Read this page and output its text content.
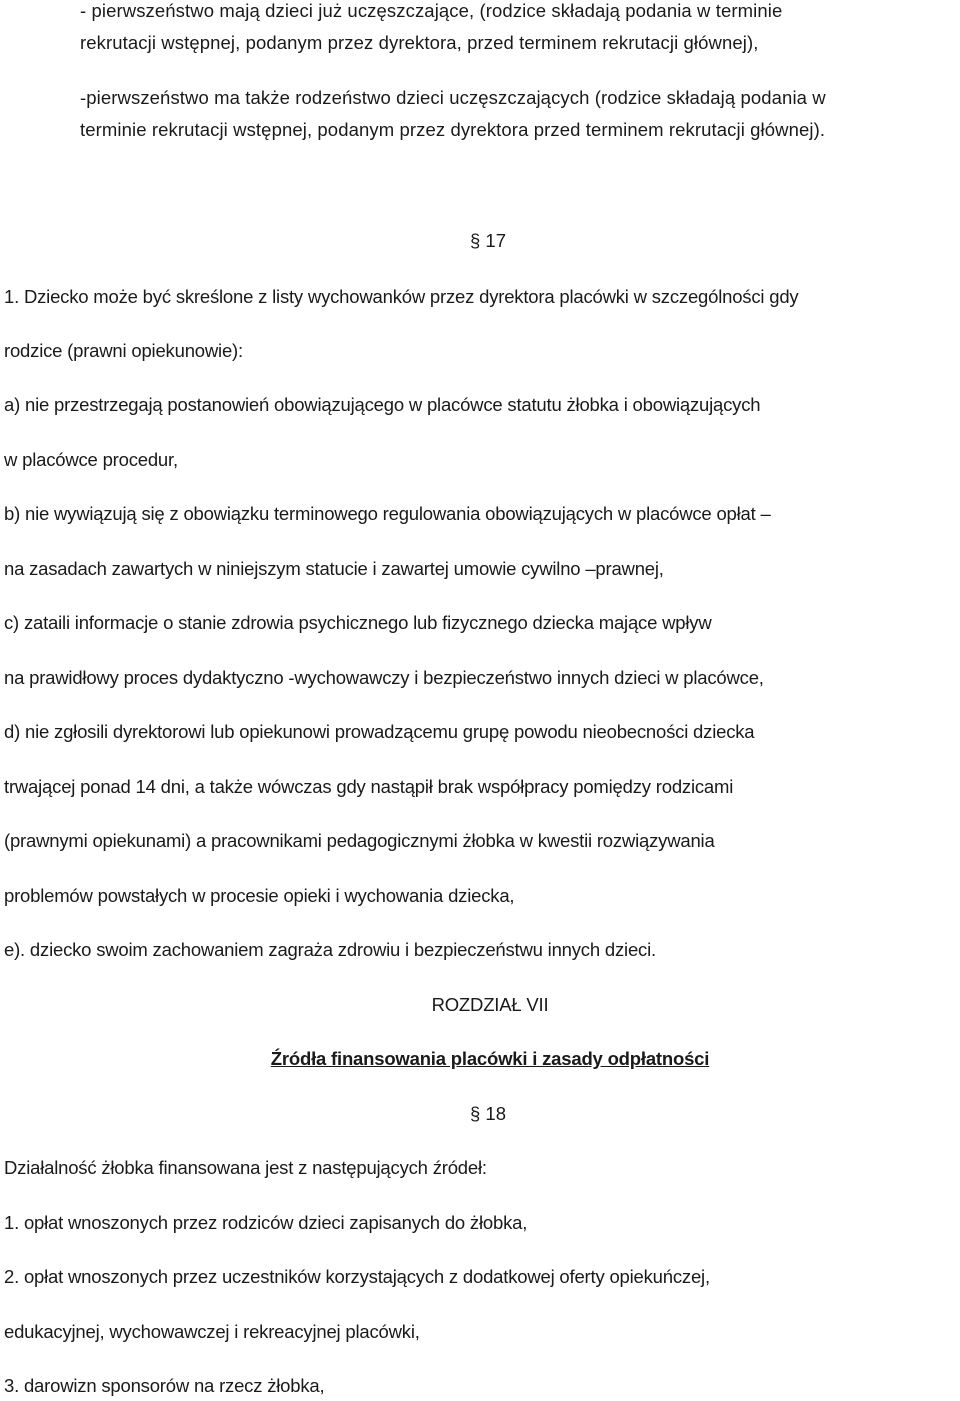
- pierwszeństwo mają dzieci już uczęszczające, (rodzice składają podania w terminie
rekrutacji wstępnej, podanym przez dyrektora, przed terminem rekrutacji głównej),
-pierwszeństwo ma także rodzeństwo dzieci uczęszczających (rodzice składają podania w
terminie rekrutacji wstępnej, podanym przez dyrektora przed terminem rekrutacji głównej).
§ 17
1. Dziecko może być skreślone z listy wychowanków przez dyrektora placówki w szczególności gdy
rodzice (prawni opiekunowie):
a) nie przestrzegają postanowień obowiązującego w placówce statutu żłobka i obowiązujących
w placówce procedur,
b) nie wywiązują się z obowiązku terminowego regulowania obowiązujących w placówce opłat –
na zasadach zawartych w niniejszym statucie i zawartej umowie cywilno –prawnej,
c) zataili informacje o stanie zdrowia psychicznego lub fizycznego dziecka mające wpływ
na prawidłowy proces dydaktyczno -wychowawczy i bezpieczeństwo innych dzieci w placówce,
d) nie zgłosili dyrektorowi lub opiekunowi prowadzącemu grupę powodu nieobecności dziecka
trwającej ponad 14 dni, a także wówczas gdy nastąpił brak współpracy pomiędzy rodzicami
(prawnymi opiekunami) a pracownikami pedagogicznymi żłobka w kwestii rozwiązywania
problemów powstałych w procesie opieki i wychowania dziecka,
e). dziecko swoim zachowaniem zagraża zdrowiu i bezpieczeństwu innych dzieci.
ROZDZIAŁ VII
Źródła finansowania placówki i zasady odpłatności
§ 18
Działalność żłobka finansowana jest z następujących źródeł:
1. opłat wnoszonych przez rodziców dzieci zapisanych do żłobka,
2. opłat wnoszonych przez uczestników korzystających z dodatkowej oferty opiekuńczej,
edukacyjnej, wychowawczej i rekreacyjnej placówki,
3. darowizn sponsorów na rzecz żłobka,
